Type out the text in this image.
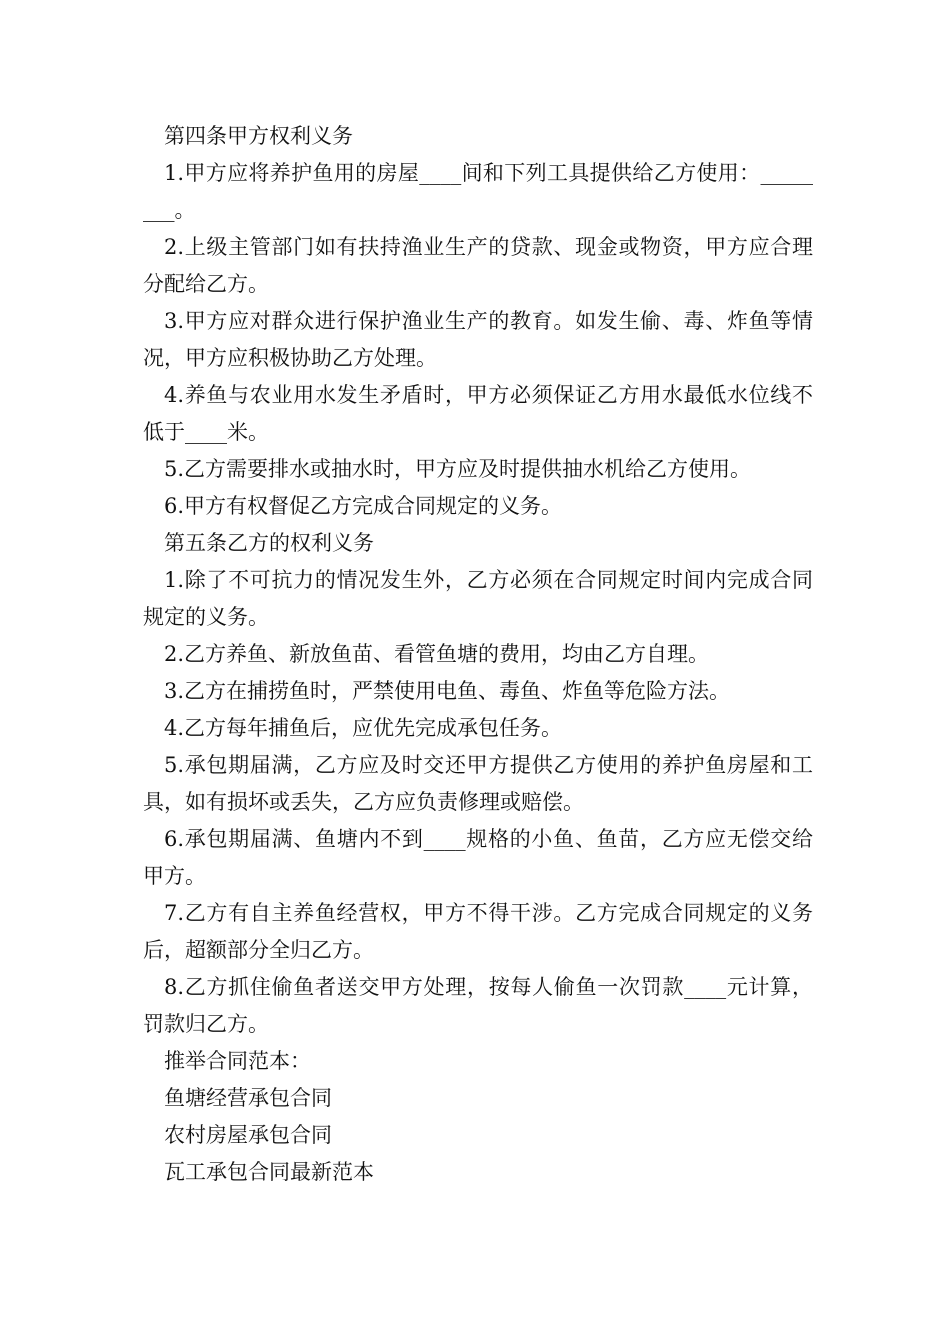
第四条甲方权利义务

1.甲方应将养护鱼用的房屋____间和下列工具提供给乙方使用：________。

2.上级主管部门如有扶持渔业生产的贷款、现金或物资，甲方应合理分配给乙方。

3.甲方应对群众进行保护渔业生产的教育。如发生偷、毒、炸鱼等情况，甲方应积极协助乙方处理。

4.养鱼与农业用水发生矛盾时，甲方必须保证乙方用水最低水位线不低于____米。

5.乙方需要排水或抽水时，甲方应及时提供抽水机给乙方使用。

6.甲方有权督促乙方完成合同规定的义务。

第五条乙方的权利义务

1.除了不可抗力的情况发生外，乙方必须在合同规定时间内完成合同规定的义务。

2.乙方养鱼、新放鱼苗、看管鱼塘的费用，均由乙方自理。

3.乙方在捕捞鱼时，严禁使用电鱼、毒鱼、炸鱼等危险方法。

4.乙方每年捕鱼后，应优先完成承包任务。

5.承包期届满，乙方应及时交还甲方提供乙方使用的养护鱼房屋和工具，如有损坏或丢失，乙方应负责修理或赔偿。

6.承包期届满、鱼塘内不到____规格的小鱼、鱼苗，乙方应无偿交给甲方。

7.乙方有自主养鱼经营权，甲方不得干涉。乙方完成合同规定的义务后，超额部分全归乙方。

8.乙方抓住偷鱼者送交甲方处理，按每人偷鱼一次罚款____元计算，罚款归乙方。

推举合同范本：

鱼塘经营承包合同

农村房屋承包合同

瓦工承包合同最新范本
